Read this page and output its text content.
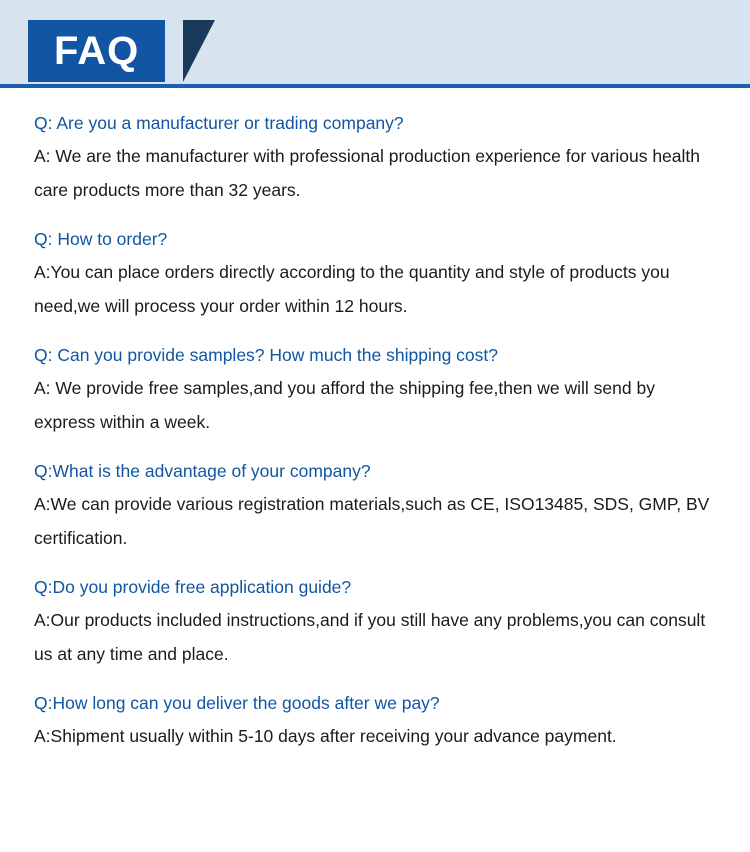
FAQ
Q: Are you a manufacturer or trading company?
A: We are the manufacturer with professional production experience for various health care products more than 32 years.
Q: How to order?
A:You can place orders directly according to the quantity and style of products you need,we will process your order within 12 hours.
Q: Can you provide samples? How much the shipping cost?
A: We provide free samples,and you afford the shipping fee,then we will send by express within a week.
Q:What is the advantage of your company?
A:We can provide various registration materials,such as CE, ISO13485, SDS, GMP, BV certification.
Q:Do you provide free application guide?
A:Our products included instructions,and if you still have any problems,you can consult us at any time and place.
Q:How long can you deliver the goods after we pay?
A:Shipment usually within 5-10 days after receiving your advance payment.
